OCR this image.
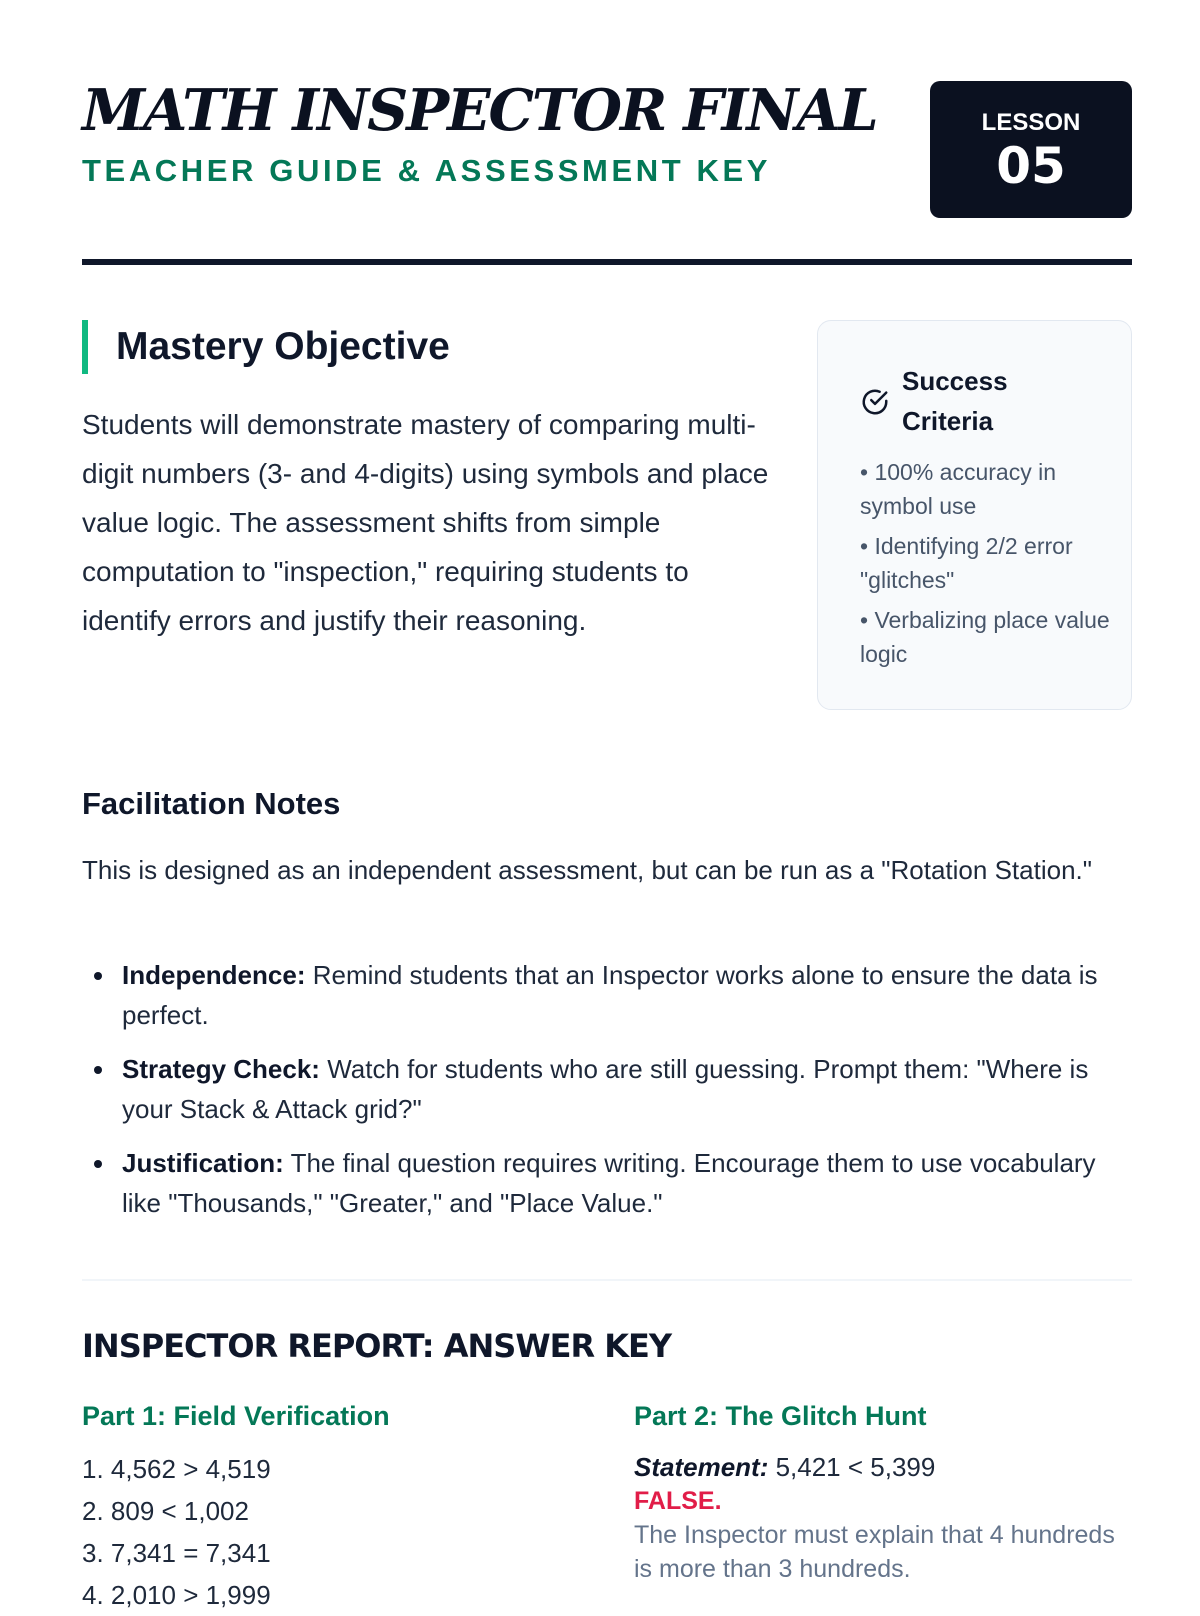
MATH INSPECTOR FINAL
TEACHER GUIDE & ASSESSMENT KEY
LESSON
05
Mastery Objective

Students will demonstrate mastery of comparing multi-digit numbers (3- and 4-digits) using symbols and place value logic. The assessment shifts from simple computation to "inspection," requiring students to identify errors and justify their reasoning.

Success Criteria
• 100% accuracy in symbol use
• Identifying 2/2 error "glitches"
• Verbalizing place value logic
Facilitation Notes

This is designed as an independent assessment, but can be run as a "Rotation Station."

Independence: Remind students that an Inspector works alone to ensure the data is perfect.
Strategy Check: Watch for students who are still guessing. Prompt them: "Where is your Stack & Attack grid?"
Justification: The final question requires writing. Encourage them to use vocabulary like "Thousands," "Greater," and "Place Value."
INSPECTOR REPORT: ANSWER KEY
Part 1: Field Verification
1. 4,562 > 4,519
2. 809 < 1,002
3. 7,341 = 7,341
4. 2,010 > 1,999
Part 2: The Glitch Hunt

Statement: 5,421 < 5,399

FALSE.

The Inspector must explain that 4 hundreds is more than 3 hundreds.
